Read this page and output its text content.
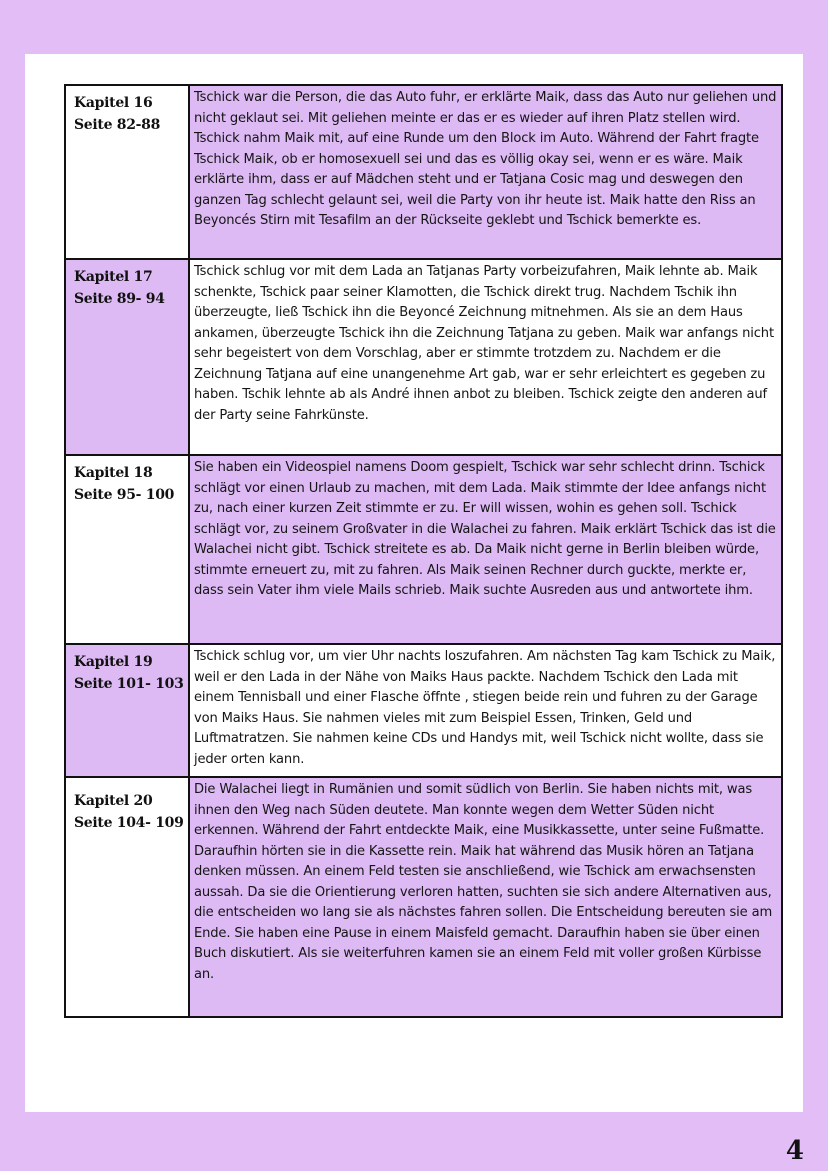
Kapitel 16
Seite 82-88	Tschick war die Person, die das Auto fuhr, er erklärte Maik, dass das Auto nur geliehen und nicht geklaut sei. Mit geliehen meinte er das er es wieder auf ihren Platz stellen wird. Tschick nahm Maik mit, auf eine Runde um den Block im Auto. Während der Fahrt fragte Tschick Maik, ob er homosexuell sei und das es völlig okay sei, wenn er es wäre. Maik erklärte ihm, dass er auf Mädchen steht und er Tatjana Cosic mag und deswegen den ganzen Tag schlecht gelaunt sei, weil die Party von ihr heute ist. Maik hatte den Riss an Beyoncés Stirn mit Tesafilm an der Rückseite geklebt und Tschick bemerkte es.
Kapitel 17
Seite 89- 94	Tschick schlug vor mit dem Lada an Tatjanas Party vorbeizufahren, Maik lehnte ab. Maik schenkte, Tschick paar seiner Klamotten, die Tschick direkt trug. Nachdem Tschik ihn überzeugte, ließ Tschick ihn die Beyoncé Zeichnung mitnehmen. Als sie an dem Haus ankamen, überzeugte Tschick ihn die Zeichnung Tatjana zu geben. Maik war anfangs nicht sehr begeistert von dem Vorschlag, aber er stimmte trotzdem zu. Nachdem er die Zeichnung Tatjana auf eine unangenehme Art gab, war er sehr erleichtert es gegeben zu haben. Tschik lehnte ab als André ihnen anbot zu bleiben. Tschick zeigte den anderen auf der Party seine Fahrkünste.
Kapitel 18
Seite 95- 100	Sie haben ein Videospiel namens Doom gespielt, Tschick war sehr schlecht drinn. Tschick schlägt vor einen Urlaub zu machen, mit dem Lada. Maik stimmte der Idee anfangs nicht zu, nach einer kurzen Zeit stimmte er zu. Er will wissen, wohin es gehen soll. Tschick schlägt vor, zu seinem Großvater in die Walachei zu fahren. Maik erklärt Tschick das ist die Walachei nicht gibt. Tschick streitete es ab. Da Maik nicht gerne in Berlin bleiben würde, stimmte erneuert zu, mit zu fahren. Als Maik seinen Rechner durch guckte, merkte er, dass sein Vater ihm viele Mails schrieb. Maik suchte Ausreden aus und antwortete ihm.
Kapitel 19
Seite 101- 103	Tschick schlug vor, um vier Uhr nachts loszufahren. Am nächsten Tag kam Tschick zu Maik, weil er den Lada in der Nähe von Maiks Haus packte. Nachdem Tschick den Lada mit einem Tennisball und einer Flasche öffnte , stiegen beide rein und fuhren zu der Garage von Maiks Haus. Sie nahmen vieles mit zum Beispiel Essen, Trinken, Geld und Luftmatratzen. Sie nahmen keine CDs und Handys mit, weil Tschick nicht wollte, dass sie jeder orten kann.
Kapitel 20
Seite 104- 109	Die Walachei liegt in Rumänien und somit südlich von Berlin. Sie haben nichts mit, was ihnen den Weg nach Süden deutete. Man konnte wegen dem Wetter Süden nicht erkennen. Während der Fahrt entdeckte Maik, eine Musikkassette, unter seine Fußmatte. Daraufhin hörten sie in die Kassette rein. Maik hat während das Musik hören an Tatjana denken müssen. An einem Feld testen sie anschließend, wie Tschick am erwachsensten aussah. Da sie die Orientierung verloren hatten, suchten sie sich andere Alternativen aus, die entscheiden wo lang sie als nächstes fahren sollen. Die Entscheidung bereuten sie am Ende. Sie haben eine Pause in einem Maisfeld gemacht. Daraufhin haben sie über einen Buch diskutiert. Als sie weiterfuhren kamen sie an einem Feld mit voller großen Kürbisse an.
4
